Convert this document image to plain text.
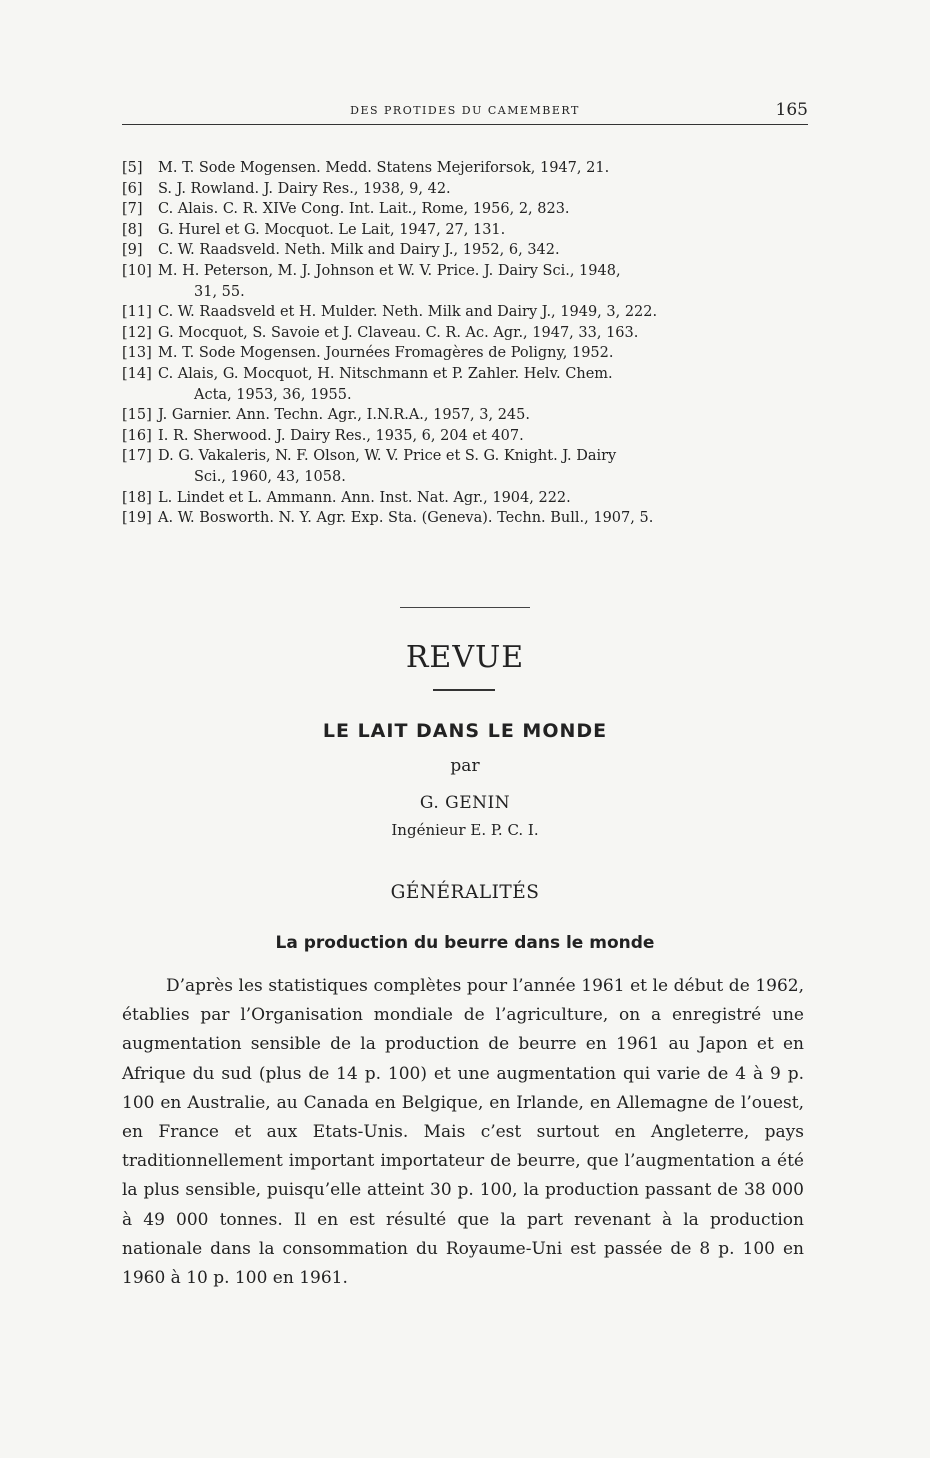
DES PROTIDES DU CAMEMBERT	165
[5]	M. T. Sode Mogensen. Medd. Statens Mejeriforsok, 1947, 21.
[6]	S. J. Rowland. J. Dairy Res., 1938, 9, 42.
[7]	C. Alais. C. R. XIVe Cong. Int. Lait., Rome, 1956, 2, 823.
[8]	G. Hurel et G. Mocquot. Le Lait, 1947, 27, 131.
[9]	C. W. Raadsveld. Neth. Milk and Dairy J., 1952, 6, 342.
[10] M. H. Peterson, M. J. Johnson et W. V. Price. J. Dairy Sci., 1948,
31, 55.
[11] C. W. Raadsveld et H. Mulder. Neth. Milk and Dairy J., 1949, 3, 222.
[12] G. Mocquot, S. Savoie et J. Claveau. C. R. Ac. Agr., 1947, 33, 163.
[13] M. T. Sode Mogensen. Journées Fromagères de Poligny, 1952.
[14] C. Alais, G. Mocquot, H. Nitschmann et P. Zahler. Helv. Chem.
Acta, 1953, 36, 1955.
[15] J. Garnier. Ann. Techn. Agr., I.N.R.A., 1957, 3, 245.
[16] I. R. Sherwood. J. Dairy Res., 1935, 6, 204 et 407.
[17] D. G. Vakaleris, N. F. Olson, W. V. Price et S. G. Knight. J. Dairy
Sci., 1960, 43, 1058.
[18] L. Lindet et L. Ammann. Ann. Inst. Nat. Agr., 1904, 222.
[19] A. W. Bosworth. N. Y. Agr. Exp. Sta. (Geneva). Techn. Bull., 1907, 5.
REVUE
LE LAIT DANS LE MONDE
par
G. GENIN
Ingénieur E. P. C. I.
GÉNÉRALITÉS
La production du beurre dans le monde
D’après les statistiques complètes pour l’année 1961 et le début de 1962, établies par l’Organisation mondiale de l’agriculture, on a enregistré une augmentation sensible de la production de beurre en 1961 au Japon et en Afrique du sud (plus de 14 p. 100) et une augmentation qui varie de 4 à 9 p. 100 en Australie, au Canada en Belgique, en Irlande, en Allemagne de l’ouest, en France et aux Etats-Unis. Mais c’est surtout en Angleterre, pays traditionnellement important importateur de beurre, que l’augmentation a été la plus sensible, puisqu’elle atteint 30 p. 100, la production passant de 38 000 à 49 000 tonnes. Il en est résulté que la part revenant à la production nationale dans la consommation du Royaume-Uni est passée de 8 p. 100 en 1960 à 10 p. 100 en 1961.
